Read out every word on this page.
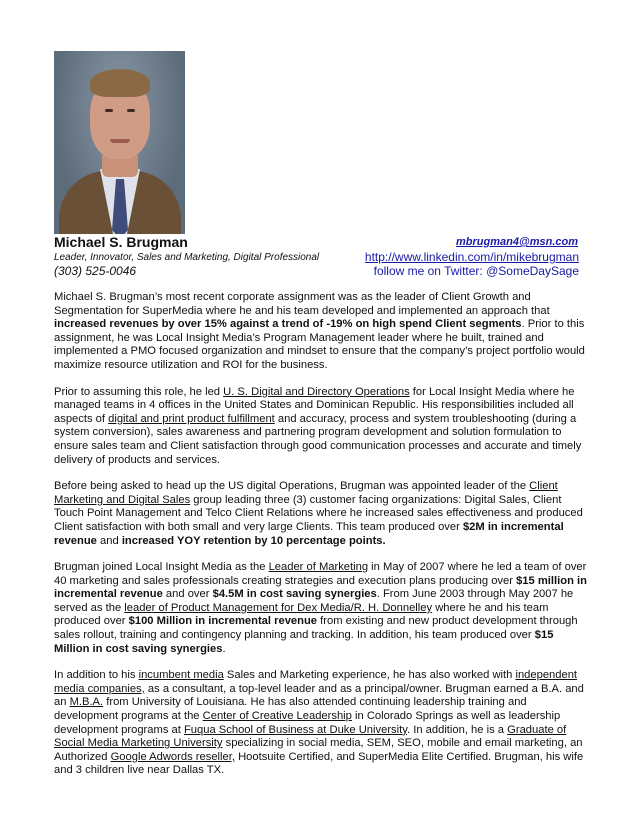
Michael S. Brugman
Leader, Innovator, Sales and Marketing, Digital Professional
(303) 525-0046
mbrugman4@msn.com
http://www.linkedin.com/in/mikebrugman
follow me on Twitter: @SomeDaySage

Michael S. Brugman’s most recent corporate assignment was as the leader of Client Growth and Segmentation for SuperMedia where he and his team developed and implemented an approach that increased revenues by over 15% against a trend of -19% on high spend Client segments. Prior to this assignment, he was Local Insight Media’s Program Management leader where he built, trained and implemented a PMO focused organization and mindset to ensure that the company’s project portfolio would maximize resource utilization and ROI for the business.

Prior to assuming this role, he led U. S. Digital and Directory Operations for Local Insight Media where he managed teams in 4 offices in the United States and Dominican Republic. His responsibilities included all aspects of digital and print product fulfillment and accuracy, process and system troubleshooting (during a system conversion), sales awareness and partnering program development and solution formulation to ensure sales team and Client satisfaction through good communication processes and accurate and timely delivery of products and services.

Before being asked to head up the US digital Operations, Brugman was appointed leader of the Client Marketing and Digital Sales group leading three (3) customer facing organizations: Digital Sales, Client Touch Point Management and Telco Client Relations where he increased sales effectiveness and produced Client satisfaction with both small and very large Clients. This team produced over $2M in incremental revenue and increased YOY retention by 10 percentage points.

Brugman joined Local Insight Media as the Leader of Marketing in May of 2007 where he led a team of over 40 marketing and sales professionals creating strategies and execution plans producing over $15 million in incremental revenue and over $4.5M in cost saving synergies. From June 2003 through May 2007 he served as the leader of Product Management for Dex Media/R. H. Donnelley where he and his team produced over $100 Million in incremental revenue from existing and new product development through sales rollout, training and contingency planning and tracking. In addition, his team produced over $15 Million in cost saving synergies.

In addition to his incumbent media Sales and Marketing experience, he has also worked with independent media companies, as a consultant, a top-level leader and as a principal/owner. Brugman earned a B.A. and an M.B.A. from University of Louisiana. He has also attended continuing leadership training and development programs at the Center of Creative Leadership in Colorado Springs as well as leadership development programs at Fuqua School of Business at Duke University. In addition, he is a Graduate of Social Media Marketing University specializing in social media, SEM, SEO, mobile and email marketing, an Authorized Google Adwords reseller, Hootsuite Certified, and SuperMedia Elite Certified. Brugman, his wife and 3 children live near Dallas TX.
